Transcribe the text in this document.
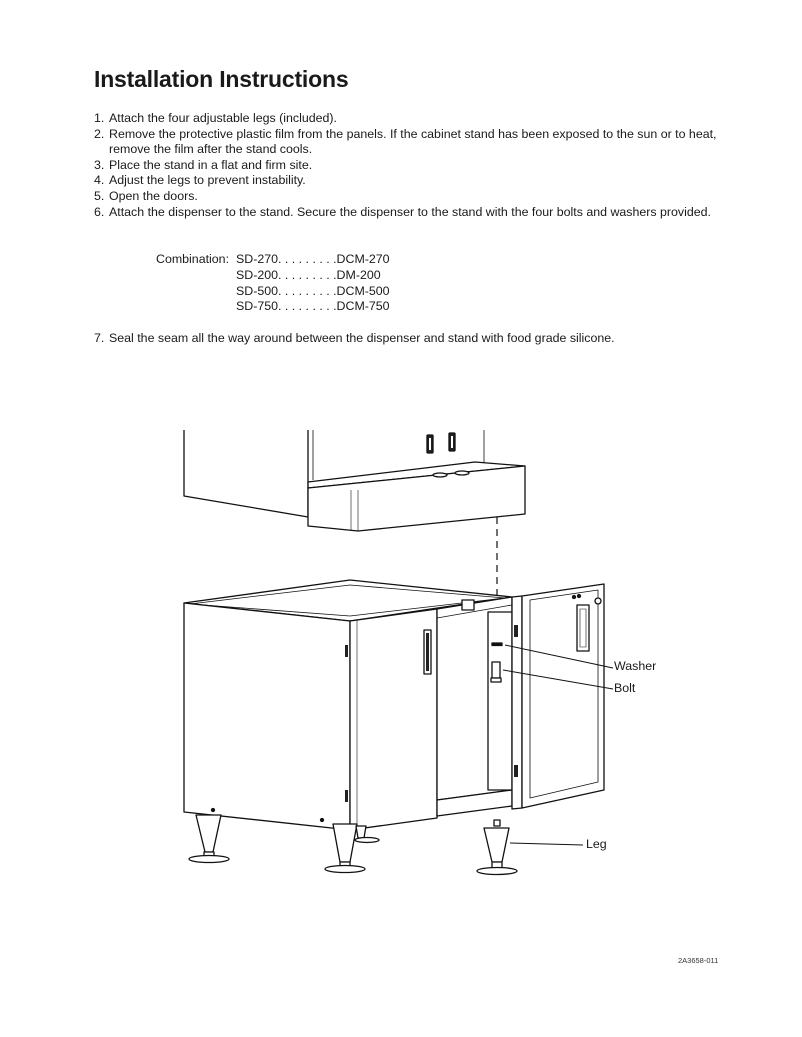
Installation Instructions
1. Attach the four adjustable legs (included).
2. Remove the protective plastic film from the panels. If the cabinet stand has been exposed to the sun or to heat, remove the film after the stand cools.
3. Place the stand in a flat and firm site.
4. Adjust the legs to prevent instability.
5. Open the doors.
6. Attach the dispenser to the stand. Secure the dispenser to the stand with the four bolts and washers provided.
Combination: SD-270 . . . . . . . . . DCM-270
SD-200 . . . . . . . . . DM-200
SD-500 . . . . . . . . . DCM-500
SD-750 . . . . . . . . . DCM-750
7. Seal the seam all the way around between the dispenser and stand with food grade silicone.
Washer
Bolt
Leg
2A3658-011
